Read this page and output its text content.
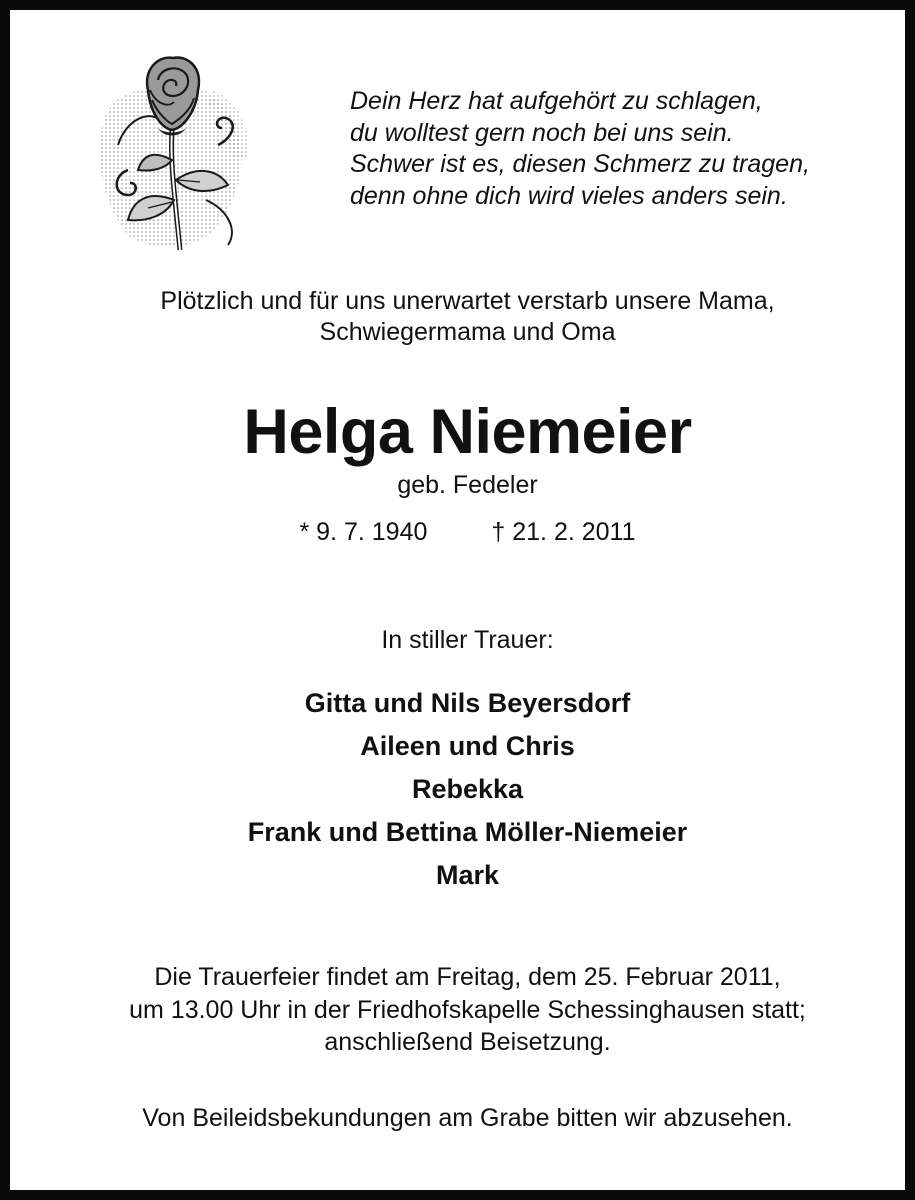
Dein Herz hat aufgehört zu schlagen,
du wolltest gern noch bei uns sein.
Schwer ist es, diesen Schmerz zu tragen,
denn ohne dich wird vieles anders sein.
Plötzlich und für uns unerwartet verstarb unsere Mama,
Schwiegermama und Oma
Helga Niemeier
geb. Fedeler
* 9. 7. 1940	† 21. 2. 2011
In stiller Trauer:
Gitta und Nils Beyersdorf
Aileen und Chris
Rebekka
Frank und Bettina Möller-Niemeier
Mark
Die Trauerfeier findet am Freitag, dem 25. Februar 2011,
um 13.00 Uhr in der Friedhofskapelle Schessinghausen statt;
anschließend Beisetzung.
Von Beileidsbekundungen am Grabe bitten wir abzusehen.
